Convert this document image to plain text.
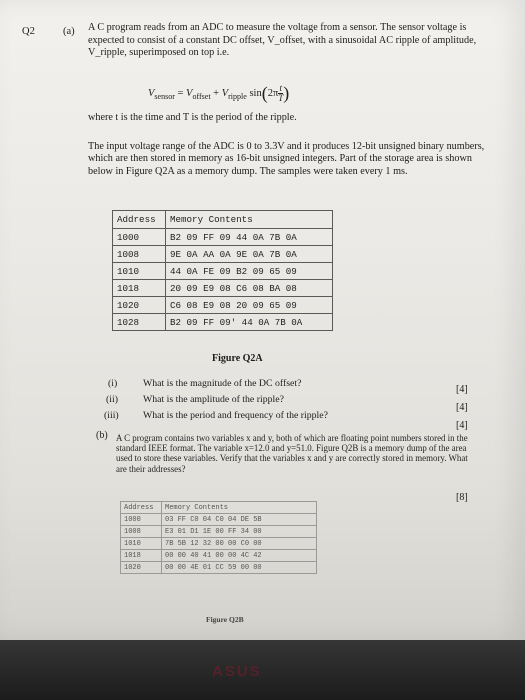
Q2	(a) A C program reads from an ADC to measure the voltage from a sensor. The sensor voltage is expected to consist of a constant DC offset, V_offset, with a sinusoidal AC ripple of amplitude, V_ripple, superimposed on top i.e.
$V_{sensor} = V_{offset} + V_{ripple}$ $\sin(2\pi \frac{t}{T}$ )
where t is the time and T is the period of the ripple.
The input voltage range of the ADC is 0 to 3.3V and it produces 12-bit unsigned binary numbers, which are then stored in memory as 16-bit unsigned integers. Part of the storage area is shown below in Figure Q2A as a memory dump. The samples were taken every 1 ms.
Address	Memory Contents
1000	B2 09 FF 09 44 0A 7B 0A
1008	9E 0A AA 0A 9E 0A 7B 0A
1010	44 0A FE 09 B2 09 65 09
1018	20 09 E9 08 C6 08 BA 08
1020	C6 08 E9 08 20 09 65 09
1028	B2 09 FF 09' 44 0A 7B 0A
Figure Q2A
(i)	What is the magnitude of the DC offset?
[4]
(ii)	What is the amplitude of the ripple?
[4]
(iii) What is the period and frequency of the ripple?
[4]
(b) A C program contains two variables x and y, both of which are floating point numbers stored in the standard IEEE format. The variable x=12.0 and y=51.0. Figure Q2B is a memory dump of the area used to store these variables. Verify that the variables x and y are correctly stored in memory. What are their addresses?
[8]
Address	Memory Contents
1000	03 FF C0 04 C0 04 DE 5B
1008	E3 01 D1 1E 00 FF 34 00
1010	7B 5B 12 32 00 00 C0 00
1018	00 00 40 41 00 00 4C 42
1020	00 00 4E 01 CC 59 00 00
Figure Q2B
ASUS
